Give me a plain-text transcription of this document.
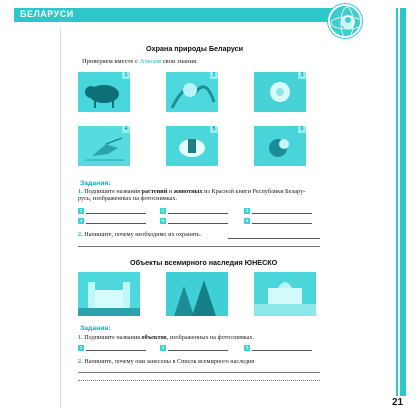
БЕЛАРУСИ
21
Охрана природы Беларуси
Проверяем вместе с Алесем свои знания.
1	2	3
4	5	6
Задания:
1. Подпишите названия растений и животных из Красной книги Республики Белару-
русь, изображенных на фотоснимках.
1	2	3
4	5	6
2. Напишите, почему необходимо их охранять.
Объекты всемирного наследия ЮНЕСКО
Задания:
1. Подпишите названия объектов, изображенных на фотоснимках.
1	2	3
2. Напишите, почему они занесены в Список всемирного наследия
